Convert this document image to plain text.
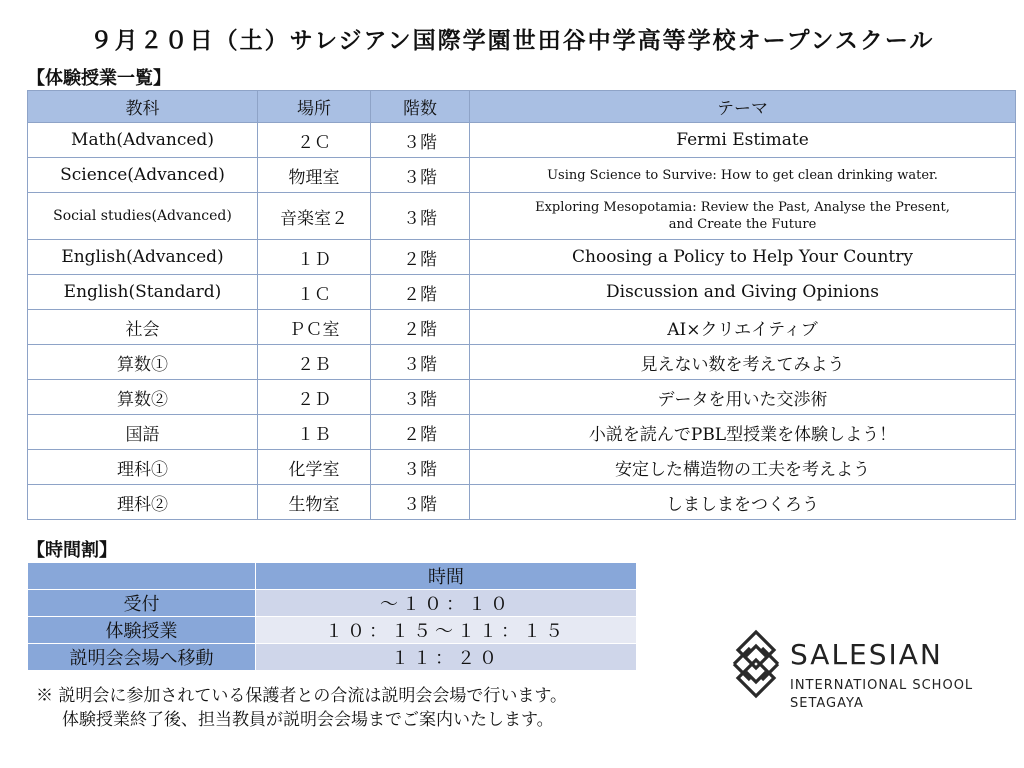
９月２０日（土）サレジアン国際学園世田谷中学高等学校オープンスクール
【体験授業一覧】
教科	場所	階数	テーマ
Math(Advanced)	２Ｃ	３階	Fermi Estimate
Science(Advanced)	物理室	３階	Using Science to Survive: How to get clean drinking water.
Social studies(Advanced)	音楽室２	３階	Exploring Mesopotamia: Review the Past, Analyse the Present,
and Create the Future

English(Advanced)	１Ｄ	２階	Choosing a Policy to Help Your Country
English(Standard)	１Ｃ	２階	Discussion and Giving Opinions
社会	ＰＣ室	２階	AI×クリエイティブ
算数①	２Ｂ	３階	見えない数を考えてみよう
算数②	２Ｄ	３階	データを用いた交渉術
国語	１Ｂ	２階	小説を読んでPBL型授業を体験しよう！
理科①	化学室	３階	安定した構造物の工夫を考えよう
理科②	生物室	３階	しましまをつくろう
【時間割】
	時間
受付	～１０：１０
体験授業	１０：１５～１１：１５
説明会会場へ移動	１１：２０
※ 説明会に参加されている保護者との合流は説明会会場で行います。
体験授業終了後、担当教員が説明会会場までご案内いたします。
SALESIAN
INTERNATIONAL SCHOOL
SETAGAYA
